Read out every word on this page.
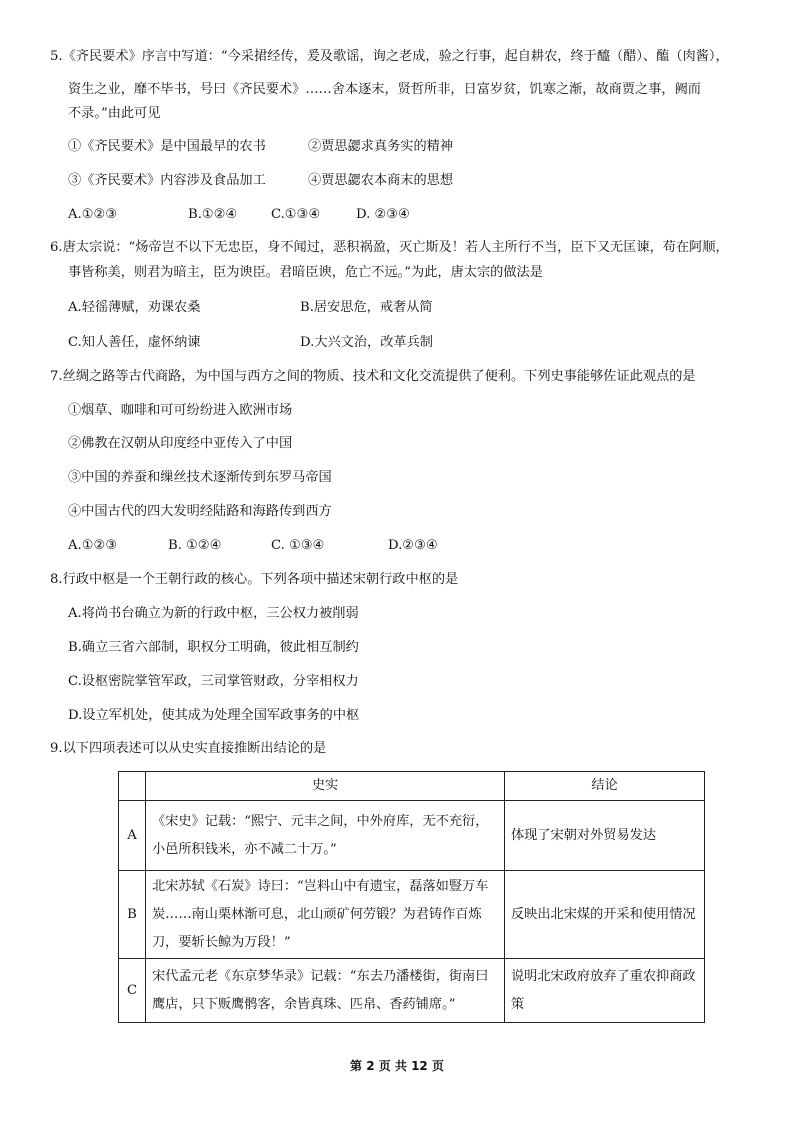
5.《齐民要术》序言中写道：“今采捃经传，爰及歌谣，询之老成，验之行事，起自耕农，终于醯（醋）、醢（肉酱），
资生之业，靡不毕书，号曰《齐民要术》……舍本逐末，贤哲所非，日富岁贫，饥寒之渐，故商贾之事，阙而
不录。”由此可见
①《齐民要术》是中国最早的农书	②贾思勰求真务实的精神
③《齐民要术》内容涉及食品加工	④贾思勰农本商末的思想
A.①②③	B.①②④	C.①③④	D. ②③④
6.唐太宗说：“炀帝岂不以下无忠臣，身不闻过，恶积祸盈，灭亡斯及！若人主所行不当，臣下又无匡谏，苟在阿顺，
事皆称美，则君为暗主，臣为谀臣。君暗臣谀，危亡不远。”为此，唐太宗的做法是
A.轻徭薄赋，劝课农桑	B.居安思危，戒奢从简
C.知人善任，虚怀纳谏	D.大兴文治，改革兵制
7.丝绸之路等古代商路，为中国与西方之间的物质、技术和文化交流提供了便利。下列史事能够佐证此观点的是
①烟草、咖啡和可可纷纷进入欧洲市场
②佛教在汉朝从印度经中亚传入了中国
③中国的养蚕和缫丝技术逐渐传到东罗马帝国
④中国古代的四大发明经陆路和海路传到西方
A.①②③	B. ①②④	C. ①③④	D.②③④
8.行政中枢是一个王朝行政的核心。下列各项中描述宋朝行政中枢的是
A.将尚书台确立为新的行政中枢，三公权力被削弱
B.确立三省六部制，职权分工明确，彼此相互制约
C.设枢密院掌管军政，三司掌管财政，分宰相权力
D.设立军机处，使其成为处理全国军政事务的中枢
9.以下四项表述可以从史实直接推断出结论的是
	史实	结论
A	《宋史》记载：“熙宁、元丰之间，中外府库，无不充衍，小邑所积钱米，亦不减二十万。”	体现了宋朝对外贸易发达

B	北宋苏轼《石炭》诗曰：“岂料山中有遗宝，磊落如豎万车炭……南山栗林渐可息，北山顽矿何劳锻？为君铸作百炼刀，要斩长鲸为万段！”	反映出北宋煤的开采和使用情况

C	宋代孟元老《东京梦华录》记载：“东去乃潘楼街，街南曰鹰店，只下贩鹰鹘客，余皆真珠、匹帛、香药铺席。”	说明北宋政府放弃了重农抑商政策
第 2 页 共 12 页
